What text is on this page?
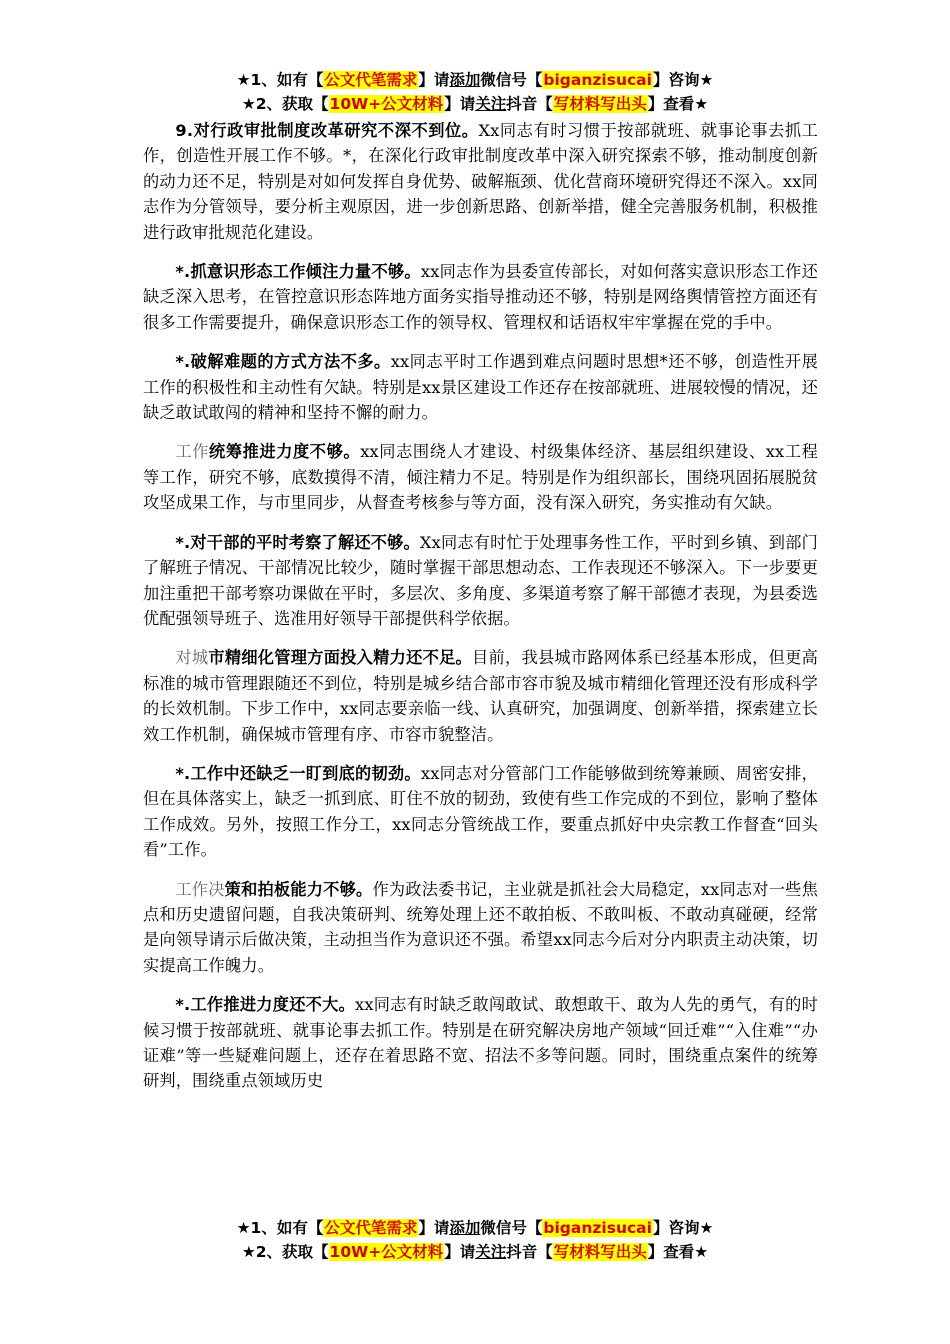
★1、如有【公文代笔需求】请添加微信号【biganzisucai】咨询★
★2、获取【10W+公文材料】请关注抖音【写材料写出头】查看★

9.对行政审批制度改革研究不深不到位。Xx同志有时习惯于按部就班、就事论事去抓工作，创造性开展工作不够。*，在深化行政审批制度改革中深入研究探索不够，推动制度创新的动力还不足，特别是对如何发挥自身优势、破解瓶颈、优化营商环境研究得还不深入。xx同志作为分管领导，要分析主观原因，进一步创新思路、创新举措，健全完善服务机制，积极推进行政审批规范化建设。

*.抓意识形态工作倾注力量不够。xx同志作为县委宣传部长，对如何落实意识形态工作还缺乏深入思考，在管控意识形态阵地方面务实指导推动还不够，特别是网络舆情管控方面还有很多工作需要提升，确保意识形态工作的领导权、管理权和话语权牢牢掌握在党的手中。

*.破解难题的方式方法不多。xx同志平时工作遇到难点问题时思想*还不够，创造性开展工作的积极性和主动性有欠缺。特别是xx景区建设工作还存在按部就班、进展较慢的情况，还缺乏敢试敢闯的精神和坚持不懈的耐力。

工作统筹推进力度不够。xx同志围绕人才建设、村级集体经济、基层组织建设、xx工程等工作，研究不够，底数摸得不清，倾注精力不足。特别是作为组织部长，围绕巩固拓展脱贫攻坚成果工作，与市里同步，从督查考核参与等方面，没有深入研究，务实推动有欠缺。

*.对干部的平时考察了解还不够。Xx同志有时忙于处理事务性工作，平时到乡镇、到部门了解班子情况、干部情况比较少，随时掌握干部思想动态、工作表现还不够深入。下一步要更加注重把干部考察功课做在平时，多层次、多角度、多渠道考察了解干部德才表现，为县委选优配强领导班子、选准用好领导干部提供科学依据。

对城市精细化管理方面投入精力还不足。目前，我县城市路网体系已经基本形成，但更高标准的城市管理跟随还不到位，特别是城乡结合部市容市貌及城市精细化管理还没有形成科学的长效机制。下步工作中，xx同志要亲临一线、认真研究，加强调度、创新举措，探索建立长效工作机制，确保城市管理有序、市容市貌整洁。

*.工作中还缺乏一盯到底的韧劲。xx同志对分管部门工作能够做到统筹兼顾、周密安排，但在具体落实上，缺乏一抓到底、盯住不放的韧劲，致使有些工作完成的不到位，影响了整体工作成效。另外，按照工作分工，xx同志分管统战工作，要重点抓好中央宗教工作督查“回头看”工作。

工作决策和拍板能力不够。作为政法委书记，主业就是抓社会大局稳定，xx同志对一些焦点和历史遗留问题，自我决策研判、统筹处理上还不敢拍板、不敢叫板、不敢动真碰硬，经常是向领导请示后做决策，主动担当作为意识还不强。希望xx同志今后对分内职责主动决策，切实提高工作魄力。

*.工作推进力度还不大。xx同志有时缺乏敢闯敢试、敢想敢干、敢为人先的勇气，有的时候习惯于按部就班、就事论事去抓工作。特别是在研究解决房地产领域“回迁难”“入住难”“办证难”等一些疑难问题上，还存在着思路不宽、招法不多等问题。同时，围绕重点案件的统筹研判，围绕重点领域历史

★1、如有【公文代笔需求】请添加微信号【biganzisucai】咨询★
★2、获取【10W+公文材料】请关注抖音【写材料写出头】查看★
